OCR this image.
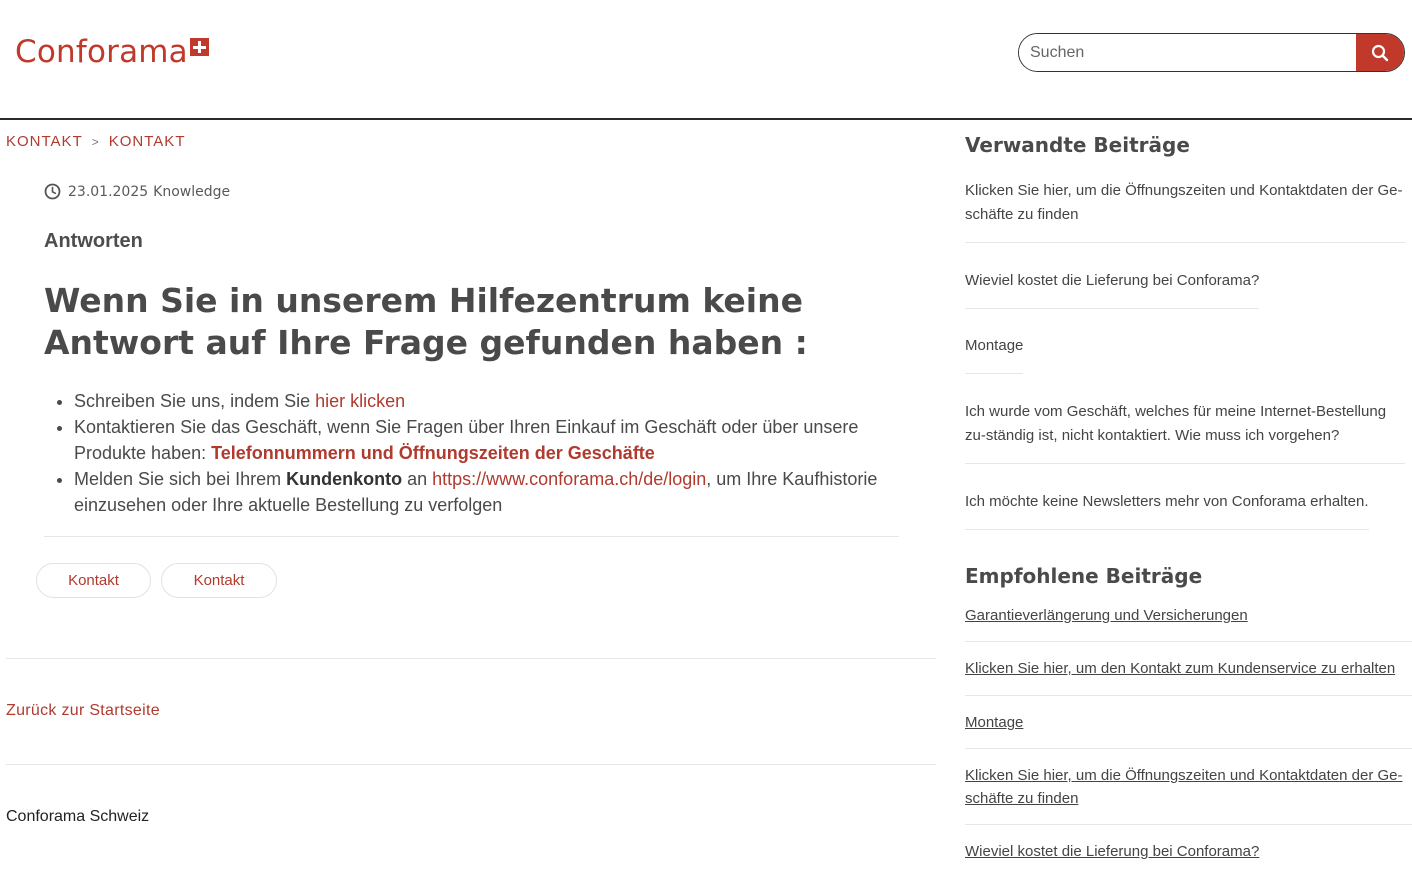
Conforama
Suchen
KONTAKT > KONTAKT
23.01.2025 Knowledge
Antworten
Wenn Sie in unserem Hilfezentrum keine Antwort auf Ihre Frage gefunden haben :
• Schreiben Sie uns, indem Sie hier klicken
• Kontaktieren Sie das Geschäft, wenn Sie Fragen über Ihren Einkauf im Geschäft oder über unsere Produkte haben: Telefonnummern und Öffnungszeiten der Geschäfte
• Melden Sie sich bei Ihrem Kundenkonto an https://www.conforama.ch/de/login, um Ihre Kaufhistorie einzusehen oder Ihre aktuelle Bestellung zu verfolgen
Kontakt	Kontakt
Zurück zur Startseite
Conforama Schweiz
Verwandte Beiträge
Klicken Sie hier, um die Öffnungszeiten und Kontaktdaten der Ge-schäfte zu finden
Wieviel kostet die Lieferung bei Conforama?
Montage
Ich wurde vom Geschäft, welches für meine Internet-Bestellung zu-ständig ist, nicht kontaktiert. Wie muss ich vorgehen?
Ich möchte keine Newsletters mehr von Conforama erhalten.
Empfohlene Beiträge
Garantieverlängerung und Versicherungen
Klicken Sie hier, um den Kontakt zum Kundenservice zu erhalten
Montage
Klicken Sie hier, um die Öffnungszeiten und Kontaktdaten der Ge-schäfte zu finden
Wieviel kostet die Lieferung bei Conforama?
